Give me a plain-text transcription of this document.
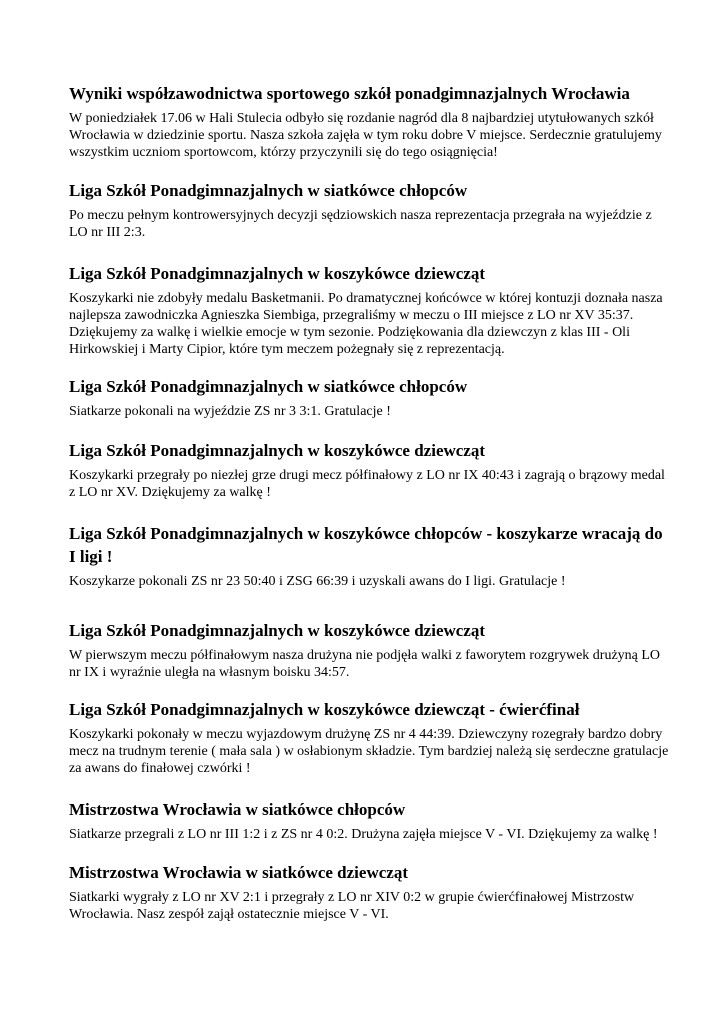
Wyniki współzawodnictwa sportowego szkół ponadgimnazjalnych Wrocławia

W poniedziałek 17.06 w Hali Stulecia odbyło się rozdanie nagród dla 8 najbardziej utytułowanych szkół Wrocławia w dziedzinie sportu. Nasza szkoła zajęła w tym roku dobre V miejsce. Serdecznie gratulujemy wszystkim uczniom sportowcom, którzy przyczynili się do tego osiągnięcia!

Liga Szkół Ponadgimnazjalnych w siatkówce chłopców

Po meczu pełnym kontrowersyjnych decyzji sędziowskich nasza reprezentacja przegrała na wyjeździe z LO nr III 2:3.

Liga Szkół Ponadgimnazjalnych w koszykówce dziewcząt

Koszykarki nie zdobyły medalu Basketmanii. Po dramatycznej końcówce w której kontuzji doznała nasza najlepsza zawodniczka Agnieszka Siembiga, przegraliśmy w meczu o III miejsce z LO nr XV 35:37. Dziękujemy za walkę i wielkie emocje w tym sezonie. Podziękowania dla dziewczyn z klas III - Oli Hirkowskiej i Marty Cipior, które tym meczem pożegnały się z reprezentacją.

Liga Szkół Ponadgimnazjalnych w siatkówce chłopców

Siatkarze pokonali na wyjeździe ZS nr 3 3:1. Gratulacje !

Liga Szkół Ponadgimnazjalnych w koszykówce dziewcząt

Koszykarki przegrały po niezłej grze drugi mecz półfinałowy z LO nr IX 40:43 i zagrają o brązowy medal z LO nr XV. Dziękujemy za walkę !

Liga Szkół Ponadgimnazjalnych w koszykówce chłopców - koszykarze wracają do I ligi !

Koszykarze pokonali ZS nr 23 50:40 i ZSG 66:39 i uzyskali awans do I ligi. Gratulacje !

Liga Szkół Ponadgimnazjalnych w koszykówce dziewcząt

W pierwszym meczu półfinałowym nasza drużyna nie podjęła walki z faworytem rozgrywek drużyną LO nr IX i wyraźnie uległa na własnym boisku 34:57.

Liga Szkół Ponadgimnazjalnych w koszykówce dziewcząt - ćwierćfinał

Koszykarki pokonały w meczu wyjazdowym drużynę ZS nr 4 44:39. Dziewczyny rozegrały bardzo dobry mecz na trudnym terenie ( mała sala ) w osłabionym składzie. Tym bardziej należą się serdeczne gratulacje za awans do finałowej czwórki !

Mistrzostwa Wrocławia w siatkówce chłopców

Siatkarze przegrali z LO nr III 1:2 i z ZS nr 4 0:2. Drużyna zajęła miejsce V - VI. Dziękujemy za walkę !

Mistrzostwa Wrocławia w siatkówce dziewcząt

Siatkarki wygrały z LO nr XV 2:1 i przegrały z LO nr XIV 0:2 w grupie ćwierćfinałowej Mistrzostw Wrocławia. Nasz zespół zajął ostatecznie miejsce V - VI.
